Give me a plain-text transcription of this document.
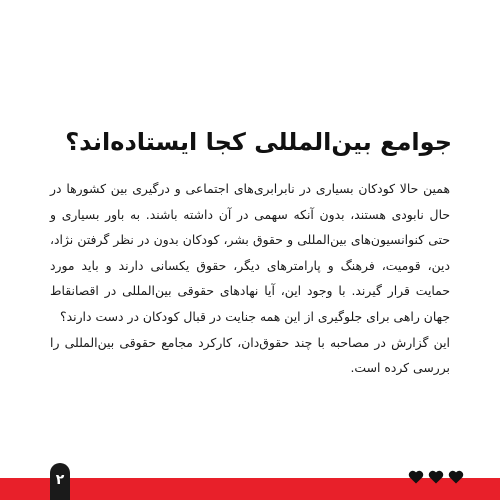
جوامع بین‌المللی کجا ایستاده‌اند؟

همین حالا کودکان بسیاری در نابرابری‌های اجتماعی و درگیری بین کشورها در حال نابودی هستند، بدون آنکه سهمی در آن داشته باشند. به باور بسیاری و حتی کنوانسیون‌های بین‌المللی و حقوق بشر، کودکان بدون در نظر گرفتن نژاد، دین، قومیت، فرهنگ و پارامترهای دیگر، حقوق یکسانی دارند و باید مورد حمایت قرار گیرند. با وجود این، آیا نهادهای حقوقی بین‌المللی در اقصانقاط جهان راهی برای جلوگیری از این همه جنایت در قبال کودکان در دست دارند؟

این گزارش در مصاحبه با چند حقوق‌دان، کارکرد مجامع حقوقی بین‌المللی را بررسی کرده است.

۲
